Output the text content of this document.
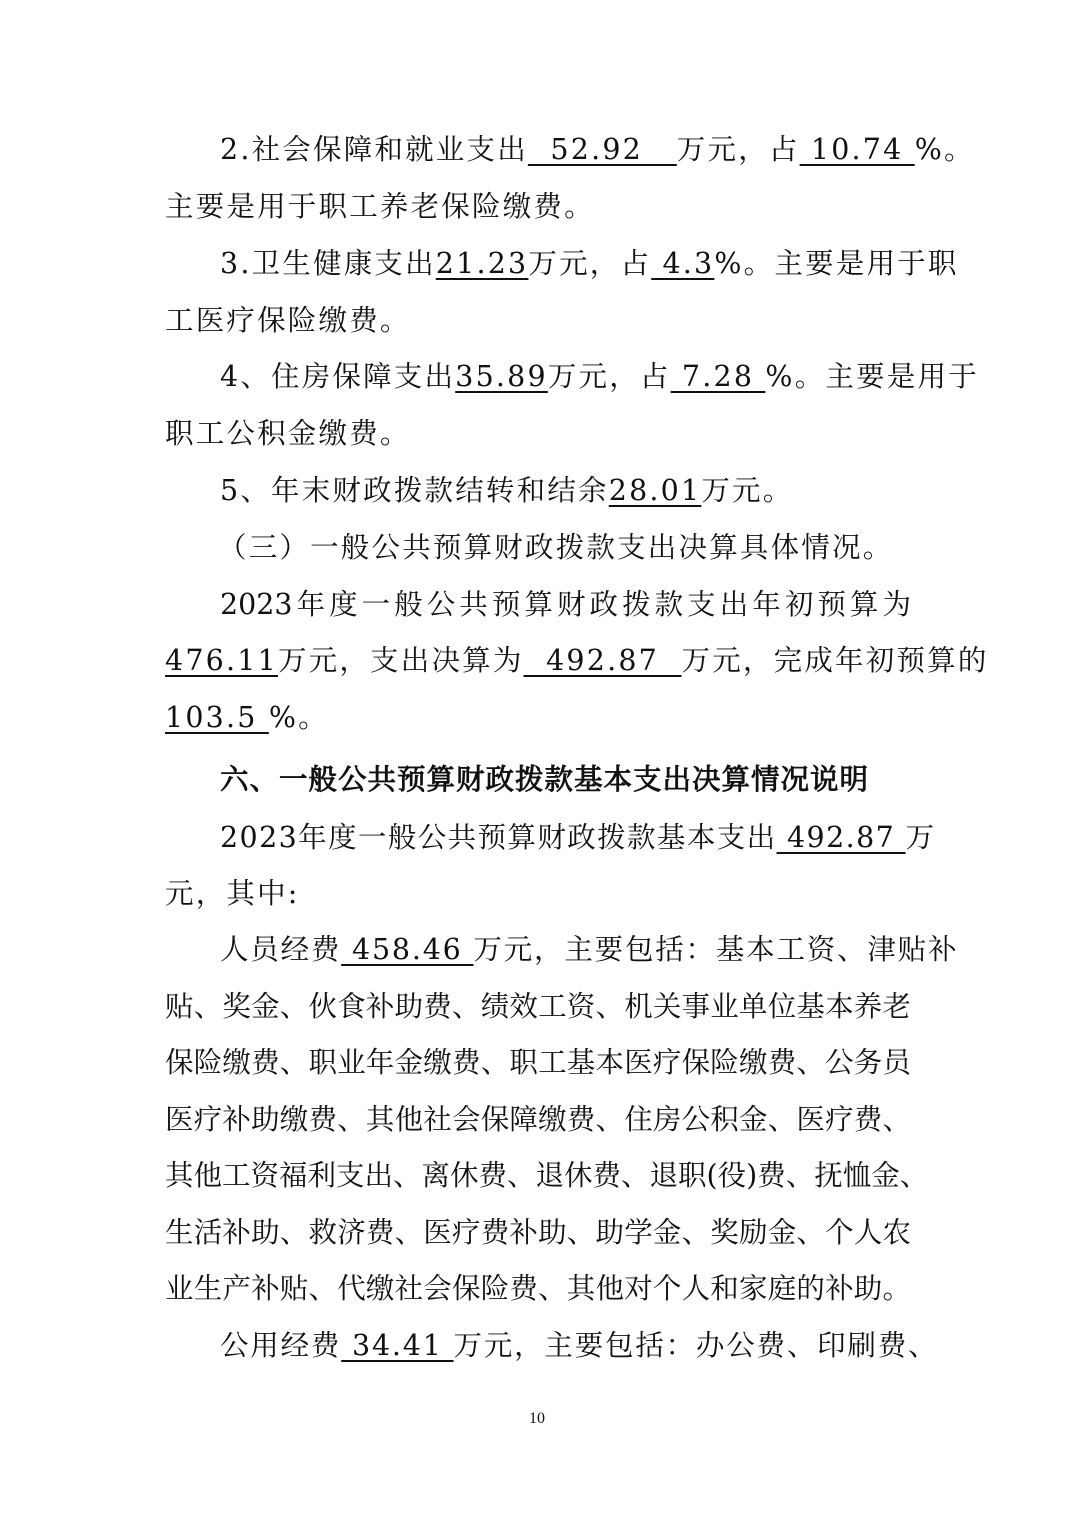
2.社会保障和就业支出  52.92   万元，占 10.74 %。
主要是用于职工养老保险缴费。
3.卫生健康支出21.23万元，占 4.3%。主要是用于职
工医疗保险缴费。
4、住房保障支出35.89万元，占 7.28 %。主要是用于
职工公积金缴费。
5、年末财政拨款结转和结余28.01万元。
（三）一般公共预算财政拨款支出决算具体情况。
2023年度一般公共预算财政拨款支出年初预算为
476.11万元，支出决算为  492.87  万元，完成年初预算的
103.5 %。
六、一般公共预算财政拨款基本支出决算情况说明
2023年度一般公共预算财政拨款基本支出 492.87 万
元，其中:
人员经费 458.46 万元，主要包括：基本工资、津贴补
贴、奖金、伙食补助费、绩效工资、机关事业单位基本养老
保险缴费、职业年金缴费、职工基本医疗保险缴费、公务员
医疗补助缴费、其他社会保障缴费、住房公积金、医疗费、
其他工资福利支出、离休费、退休费、退职(役)费、抚恤金、
生活补助、救济费、医疗费补助、助学金、奖励金、个人农
业生产补贴、代缴社会保险费、其他对个人和家庭的补助。
公用经费 34.41 万元，主要包括：办公费、印刷费、
10
